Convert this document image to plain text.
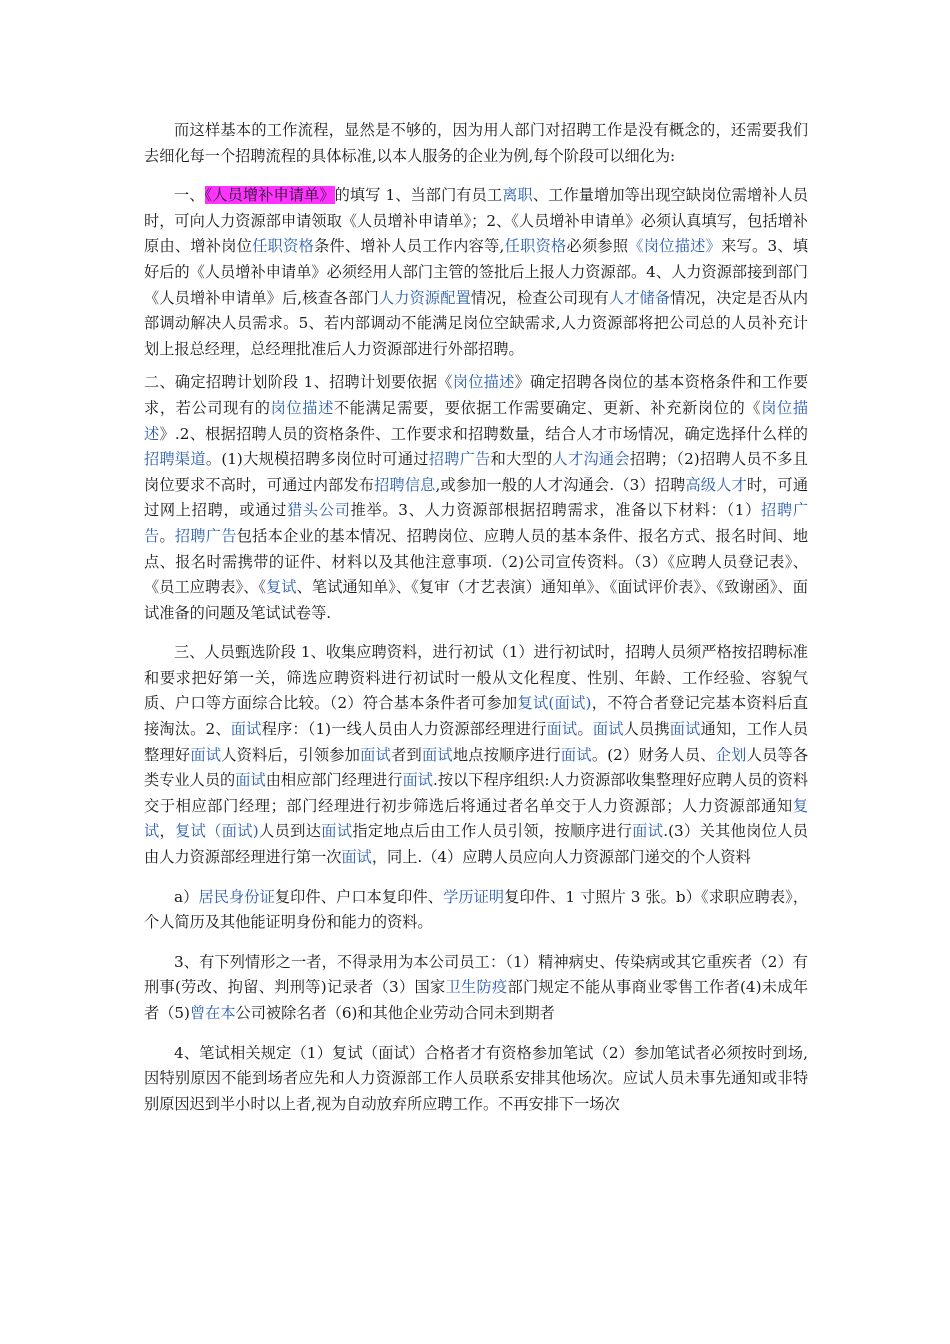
而这样基本的工作流程，显然是不够的，因为用人部门对招聘工作是没有概念的，还需要我们去细化每一个招聘流程的具体标准,以本人服务的企业为例,每个阶段可以细化为:

一、《人员增补申请单》的填写 1、当部门有员工离职、工作量增加等出现空缺岗位需增补人员时，可向人力资源部申请领取《人员增补申请单》；2、《人员增补申请单》必须认真填写，包括增补原由、增补岗位任职资格条件、增补人员工作内容等,任职资格必须参照《岗位描述》来写。3、填好后的《人员增补申请单》必须经用人部门主管的签批后上报人力资源部。4、人力资源部接到部门《人员增补申请单》后,核查各部门人力资源配置情况，检查公司现有人才储备情况，决定是否从内部调动解决人员需求。5、若内部调动不能满足岗位空缺需求,人力资源部将把公司总的人员补充计划上报总经理，总经理批准后人力资源部进行外部招聘。

二、确定招聘计划阶段 1、招聘计划要依据《岗位描述》确定招聘各岗位的基本资格条件和工作要求，若公司现有的岗位描述不能满足需要，要依据工作需要确定、更新、补充新岗位的《岗位描述》.2、根据招聘人员的资格条件、工作要求和招聘数量，结合人才市场情况，确定选择什么样的招聘渠道。(1)大规模招聘多岗位时可通过招聘广告和大型的人才沟通会招聘；（2)招聘人员不多且岗位要求不高时，可通过内部发布招聘信息,或参加一般的人才沟通会.（3）招聘高级人才时，可通过网上招聘，或通过猎头公司推举。3、人力资源部根据招聘需求，准备以下材料：（1）招聘广告。招聘广告包括本企业的基本情况、招聘岗位、应聘人员的基本条件、报名方式、报名时间、地点、报名时需携带的证件、材料以及其他注意事项.（2)公司宣传资料。（3）《应聘人员登记表》、《员工应聘表》、《复试、笔试通知单》、《复审（才艺表演）通知单》、《面试评价表》、《致谢函》、面试准备的问题及笔试试卷等.

三、人员甄选阶段 1、收集应聘资料，进行初试（1）进行初试时，招聘人员须严格按招聘标准和要求把好第一关，筛选应聘资料进行初试时一般从文化程度、性别、年龄、工作经验、容貌气质、户口等方面综合比较。（2）符合基本条件者可参加复试(面试)，不符合者登记完基本资料后直接淘汰。2、面试程序：（1)一线人员由人力资源部经理进行面试。面试人员携面试通知，工作人员整理好面试人资料后，引领参加面试者到面试地点按顺序进行面试。(2）财务人员、企划人员等各类专业人员的面试由相应部门经理进行面试.按以下程序组织:人力资源部收集整理好应聘人员的资料交于相应部门经理；部门经理进行初步筛选后将通过者名单交于人力资源部；人力资源部通知复试，复试（面试)人员到达面试指定地点后由工作人员引领，按顺序进行面试.(3）关其他岗位人员由人力资源部经理进行第一次面试，同上.（4）应聘人员应向人力资源部门递交的个人资料

a）居民身份证复印件、户口本复印件、学历证明复印件、1 寸照片 3 张。b）《求职应聘表》，个人简历及其他能证明身份和能力的资料。

3、有下列情形之一者，不得录用为本公司员工：（1）精神病史、传染病或其它重疾者（2）有刑事(劳改、拘留、判刑等)记录者（3）国家卫生防疫部门规定不能从事商业零售工作者(4)未成年者（5)曾在本公司被除名者（6)和其他企业劳动合同未到期者

4、笔试相关规定（1）复试（面试）合格者才有资格参加笔试（2）参加笔试者必须按时到场,因特别原因不能到场者应先和人力资源部工作人员联系安排其他场次。应试人员未事先通知或非特别原因迟到半小时以上者,视为自动放弃所应聘工作。不再安排下一场次
